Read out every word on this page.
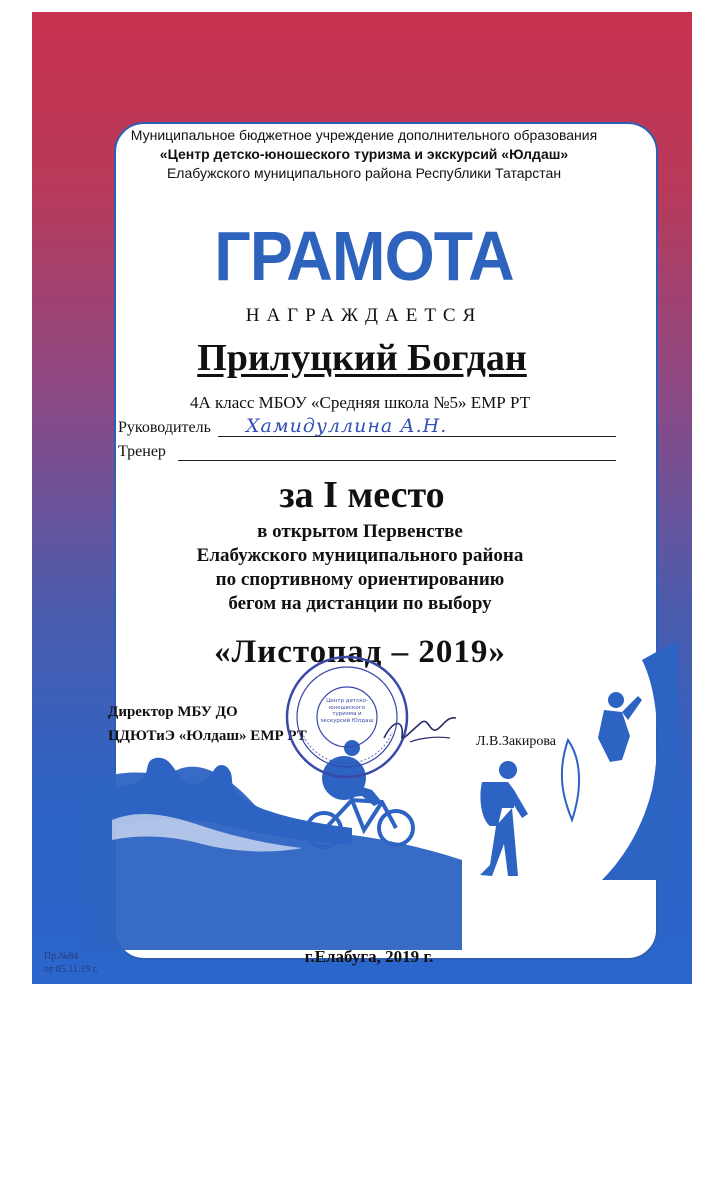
Муниципальное бюджетное учреждение дополнительного образования
«Центр детско-юношеского туризма и экскурсий «Юлдаш»
Елабужского муниципального района Республики Татарстан
ГРАМОТА
НАГРАЖДАЕТСЯ
Прилуцкий Богдан
4А класс МБОУ «Средняя школа №5» ЕМР РТ
Руководитель Хамидуллина А.Н.
Тренер
за I место
в открытом Первенстве
Елабужского муниципального района
по спортивному ориентированию
бегом на дистанции по выбору
«Листопад – 2019»
Директор МБУ ДО
ЦДЮТиЭ «Юлдаш» ЕМР РТ
Центр детско-юношеского туризма и экскурсий Юлдаш
Л.В.Закирова
г.Елабуга, 2019 г.
Пр.№84
от 05.11.19 г.
